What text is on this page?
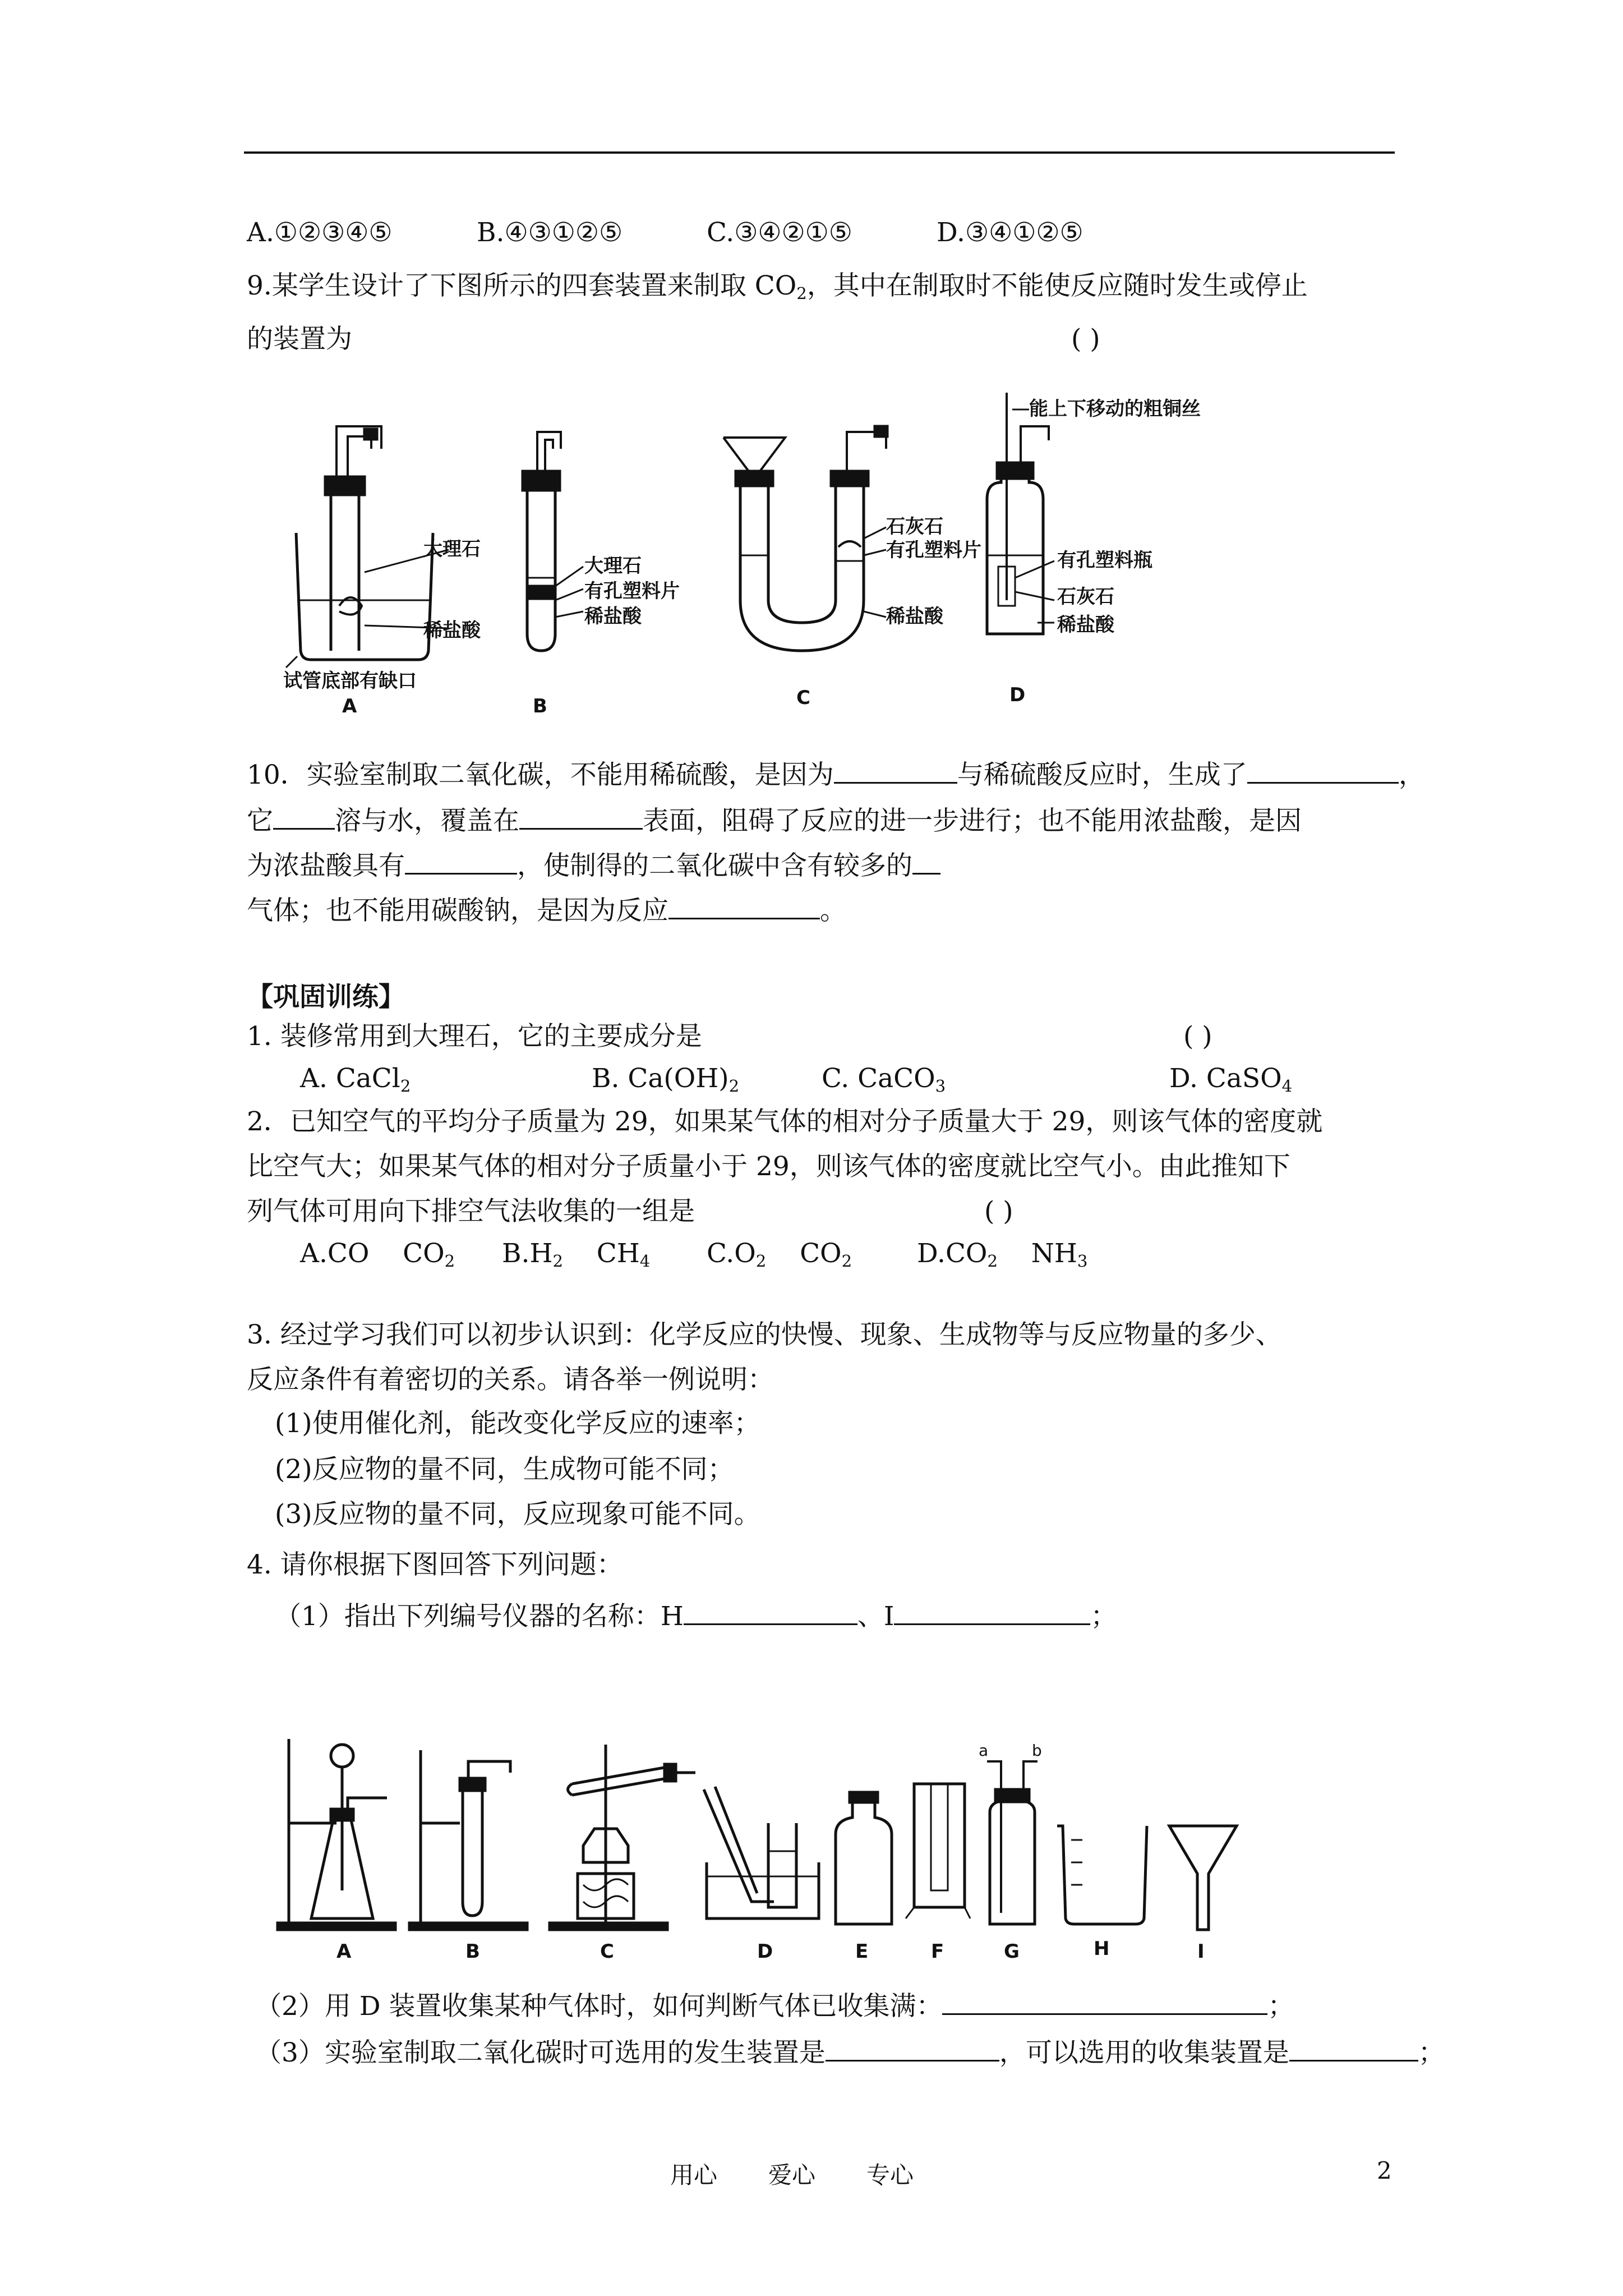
A.①②③④⑤	B.④③①②⑤	C.③④②①⑤	D.③④①②⑤
9.某学生设计了下图所示的四套装置来制取 $CO_2$，其中在制取时不能使反应随时发生或停止
的装置为	( )
大理石
稀盐酸
试管底部有缺口
A
大理石
有孔塑料片
稀盐酸
B
石灰石
有孔塑料片
稀盐酸
C
能上下移动的粗铜丝
有孔塑料瓶
石灰石
稀盐酸
D
10．实验室制取二氧化碳，不能用稀硫酸，是因为	与稀硫酸反应时，生成了	，
它 溶与水，覆盖在	表面，阻碍了反应的进一步进行；也不能用浓盐酸，是因
为浓盐酸具有	，使制得的二氧化碳中含有较多的
气体；也不能用碳酸钠，是因为反应	。
【巩固训练】
1. 装修常用到大理石，它的主要成分是	( )
A. CaCl$_2$	B. $Ca(OH)_2$	C. CaCO$_3$	D. CaSO$_4$
2．已知空气的平均分子质量为 29，如果某气体的相对分子质量大于 29，则该气体的密度就
比空气大；如果某气体的相对分子质量小于 29，则该气体的密度就比空气小。由此推知下
列气体可用向下排空气法收集的一组是	( )
A.CO $CO_2$ $B.H_2$ $CH_4$ $C.O_2$ $CO_2$ $D.CO_2$ $NH_3$
3. 经过学习我们可以初步认识到：化学反应的快慢、现象、生成物等与反应物量的多少、
反应条件有着密切的关系。请各举一例说明：
(1)使用催化剂，能改变化学反应的速率；
(2)反应物的量不同，生成物可能不同；
(3)反应物的量不同，反应现象可能不同。
4. 请你根据下图回答下列问题：
（1）指出下列编号仪器的名称：H	、I	；
A	B	C	D	E	F
a	b
G	H	I
（2）用 D 装置收集某种气体时，如何判断气体已收集满：	；
（3）实验室制取二氧化碳时可选用的发生装置是	，可以选用的收集装置是	；
用心 爱心 专心	2
